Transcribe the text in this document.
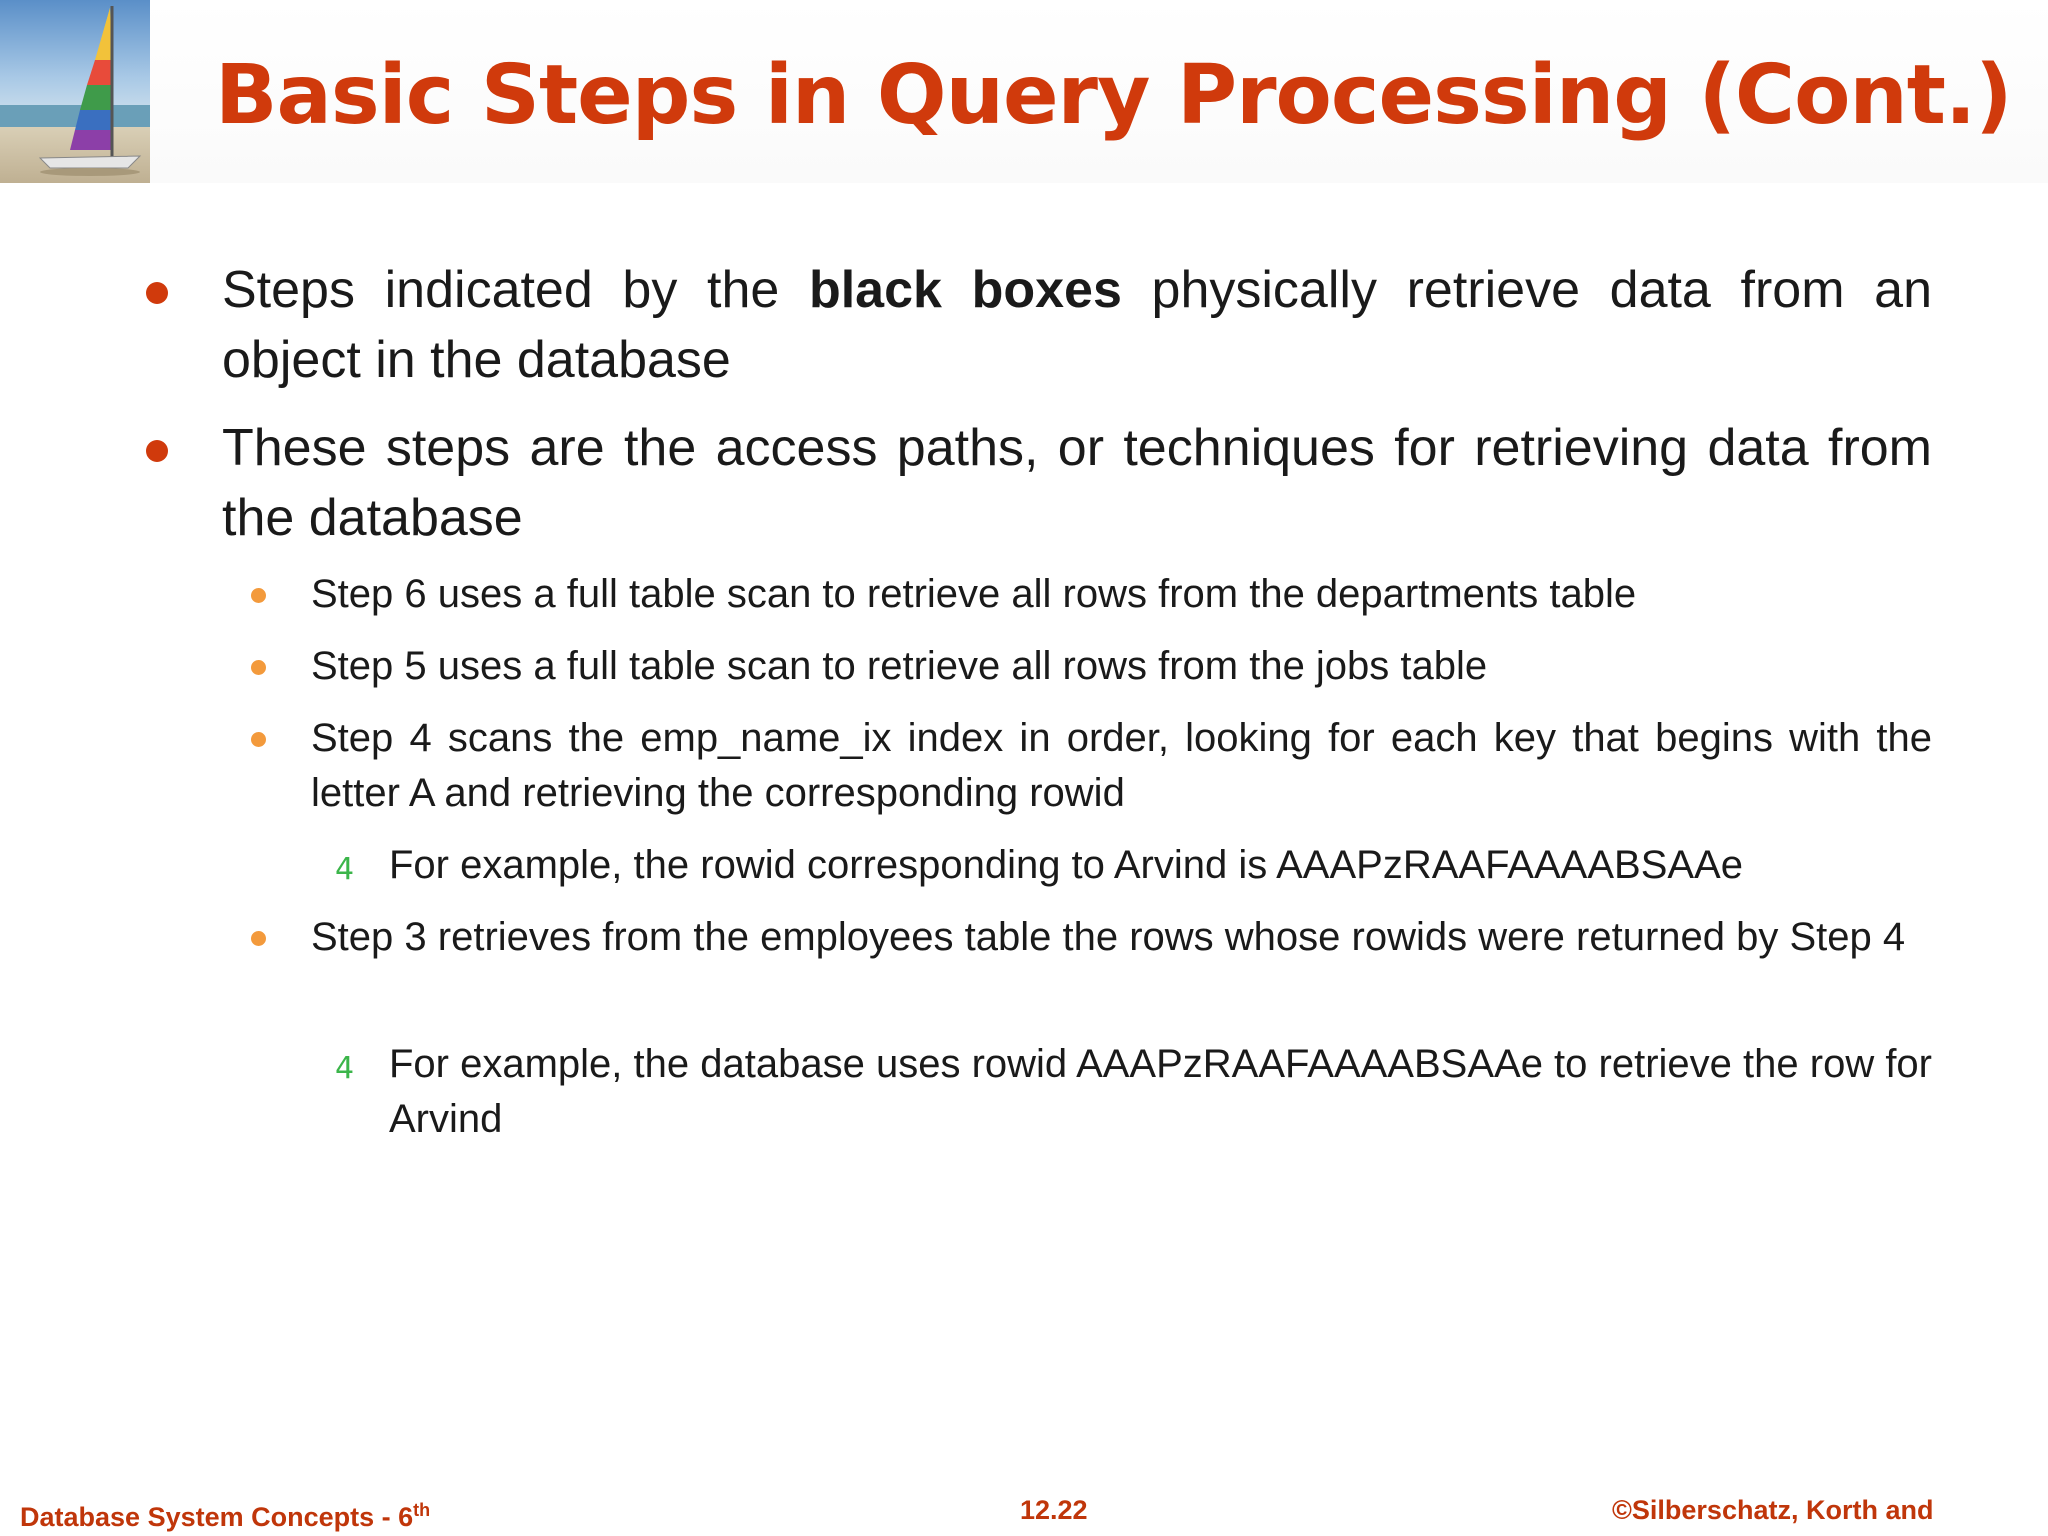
Basic Steps in Query Processing (Cont.)
Steps indicated by the black boxes physically retrieve data from an object in the database
These steps are the access paths, or techniques for retrieving data from the database
Step 6 uses a full table scan to retrieve all rows from the departments table
Step 5 uses a full table scan to retrieve all rows from the jobs table
Step 4 scans the emp_name_ix index in order, looking for each key that begins with the letter A and retrieving the corresponding rowid
4 For example, the rowid corresponding to Arvind is AAAPzRAAFAAAABSAAe
Step 3 retrieves from the employees table the rows whose rowids were returned by Step 4
4 For example, the database uses rowid AAAPzRAAFAAAABSAAe to retrieve the row for Arvind
Database System Concepts - 6th	12.22	©Silberschatz, Korth and
